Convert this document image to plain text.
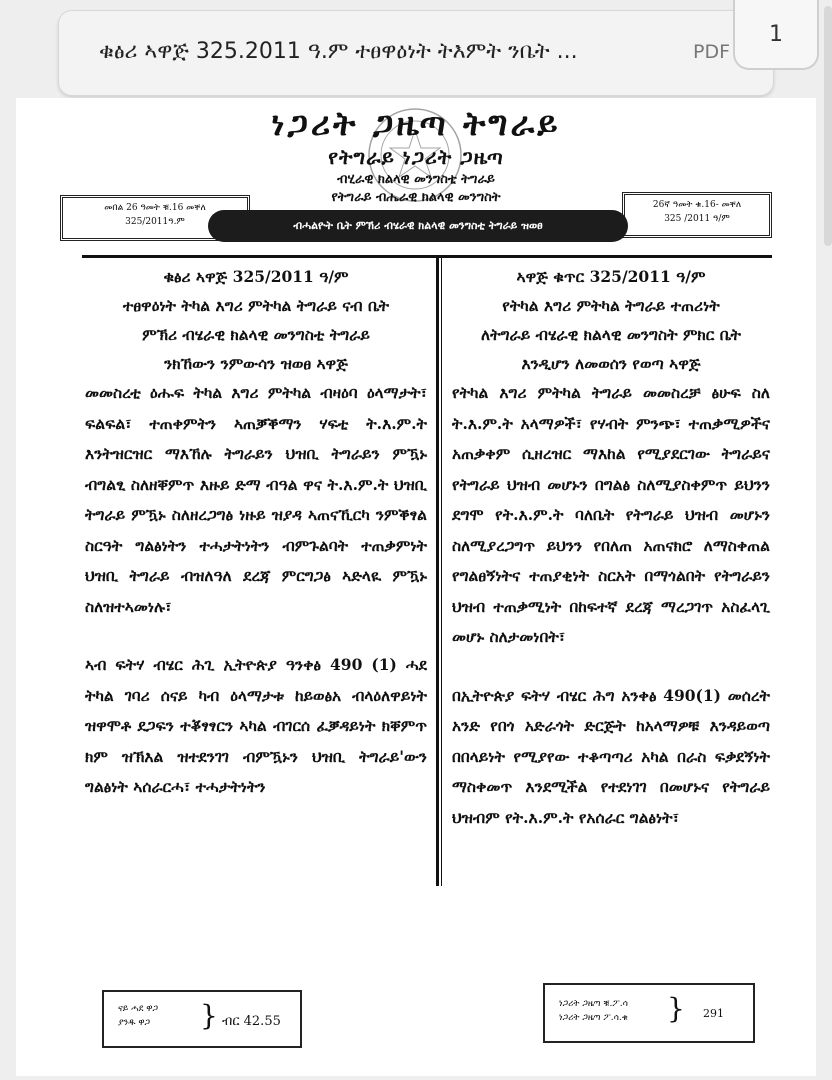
ቁፅሪ ኣዋጅ 325.2011 ዓ.ም ተፀዋዕነት ትእምት ንቤት ...	PDF
1
ነጋሪት ጋዜጣ ትግራይ
የትግራይ ነጋሪት ጋዜጣ
ብሂራዊ ክልላዊ መንግስቲ ትግራይ
የትግራይ ብሔራዊ ክልላዊ መንግስት
መበል 26 ዓመት ቑ.16 መቐለ
325/2011ዓ.ም
26ኛ ዓመት ቁ.16- መቐለ
325 /2011 ዓ/ም
ብሓልዮት ቤት ምኽሪ ብሄራዊ ክልላዊ መንግስቲ ትግራይ ዝወፀ
ቁፅሪ ኣዋጅ 325/2011 ዓ/ም
ተፀዋዕነት ትካል እግሪ ምትካል ትግራይ ናብ ቤት
ምኽሪ ብሄራዊ ክልላዊ መንግስቲ ትግራይ
ንክኸውን ንምውሳን ዝወፀ ኣዋጅ
መመስረቲ ዕሑፍ ትካል እግሪ ምትካል ብዛዕባ ዕላማታት፣ ፍልፍል፣ ተጠቀምትን ኣጠቓቕማን ሃፍቲ ት.እ.ም.ት እንትዝርዝር ማእኸሉ ትግራይን ህዝቢ ትግራይን ምዃኑ ብግልፂ ስለዘቐምጥ እዙይ ድማ ብዓል ዋና ት.እ.ም.ት ህዝቢ ትግራይ ምዃኑ ስለዘረጋግፅ ነዙይ ዝያዳ ኣጠናኺርካ ንምቕፃል ስርዓት ግልፅነትን ተሓታትነትን ብምጉልባት ተጠቃምነት ህዝቢ ትግራይ ብዝለዓለ ደረጃ ምርግጋፅ ኣድላዪ ምዃኑ ስለዝተኣመነሉ፣
ኣብ ፍትሃ ብሄር ሕጊ ኢትዮጵያ ዓንቀፅ 490 (1) ሓደ ትካል ገባሪ ሰናይ ካብ ዕላማታቱ ከይወፅአ ብላዕለዋይነት ዝዋሞቶ ደጋፍን ተቖፃፃርን ኣካል ብገርሰ ፈቓዳይነት ክቐምጥ ክም ዝኽእል ዝተደንገገ ብምዃኑን ህዝቢ ትግራይ'ውን ግልፅነት ኣሰራርሓ፣ ተሓታትነትን
ኣዋጅ ቁጥር 325/2011 ዓ/ም
የትካል እግሪ ምትካል ትግራይ ተጠሪነት
ለትግራይ ብሄራዊ ክልላዊ መንግስት ምክር ቤት
እንዲሆን ለመወሰን የወጣ ኣዋጅ
የትካል እግሪ ምትካል ትግራይ መመስረቻ ፅሁፍ ስለ ት.እ.ም.ት አላማዎች፣ የሃብት ምንጭ፣ ተጠቃሚዎችና አጠቃቀም ሲዘረዝር ማእከል የሚያደርገው ትግራይና የትግራይ ህዝብ መሆኑን በግልፅ ስለሚያስቀምጥ ይህንን ደግሞ የት.እ.ም.ት ባለቤት የትግራይ ህዝብ መሆኑን ስለሚያረጋግጥ ይህንን የበለጠ አጠናክሮ ለማስቀጠል የግልፀኝነትና ተጠያቂነት ስርአት በማጎልበት የትግራይን ህዝብ ተጠቃሚነት በከፍተኛ ደረጃ ማረጋገጥ አስፈላጊ መሆኑ ስለታመነበት፣
በኢትዮጵያ ፍትሃ ብሄር ሕግ አንቀፅ 490(1) መሰረት አንድ የበጎ አድራጎት ድርጅት ከአላማዎቹ እንዳይወጣ በበላይነት የሚያየው ተቆጣጣሪ አካል በራስ ፍቃደኝነት ማስቀመጥ እንደሚችል የተደነገገ በመሆኑና የትግራይ ህዝብም የት.እ.ም.ት የአሰራር ግልፅነት፣
ናይ ሓደ ዋጋ
ያንዱ ዋጋ } ብር 42.55
ነጋሪት ጋዜጣ ቑ.ፖ.ሳ
ነጋሪት ጋዜጣ ፖ.ሳ.ቁ } 291
